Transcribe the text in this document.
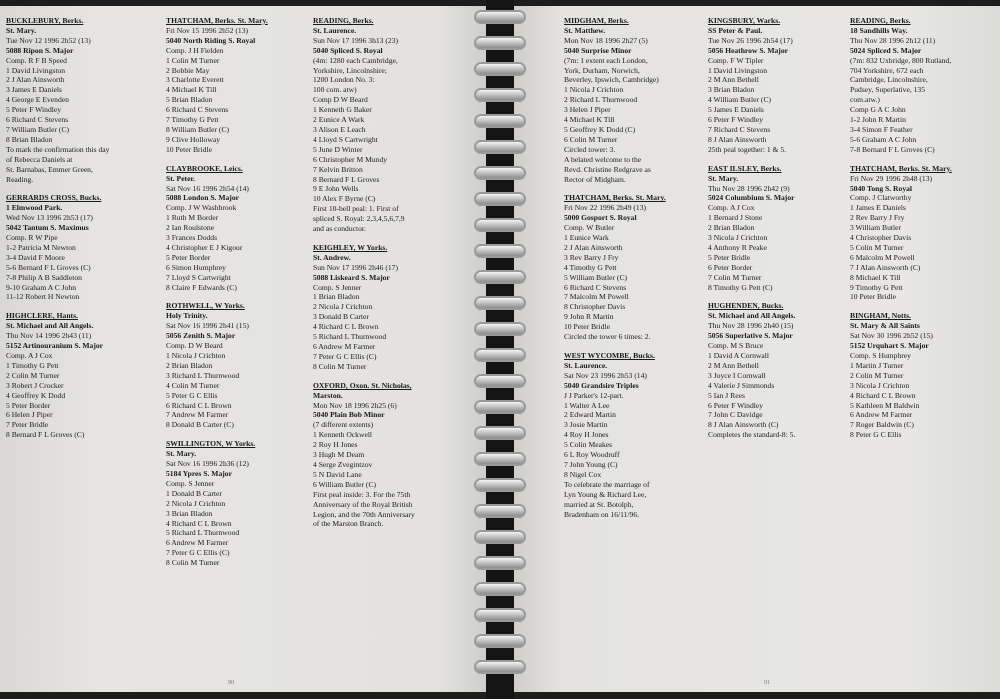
BUCKLEBURY, Berks.
St. Mary.
Tue Nov 12 1996 2h52 (13)
5088 Ripon S. Major
Comp. R F B Speed
1 David Livingston
2 J Alan Ainsworth
3 James E Daniels
4 George E Evenden
5 Peter F Windley
6 Richard C Stevens
7 William Butler (C)
8 Brian Bladon
To mark the confirmation this day
of Rebecca Daniels at
St. Barnabas, Emmer Green,
Reading.
GERRARDS CROSS, Bucks.
1 Elmwood Park.
Wed Nov 13 1996 2h53 (17)
5042 Tantum S. Maximus
Comp. R W Pipe
1-2 Patricia M Newton
3-4 David F Moore
5-6 Bernard F L Groves (C)
7-8 Philip A B Saddleton
9-10 Graham A C John
11-12 Robert H Newton
HIGHCLERE, Hants.
St. Michael and All Angels.
Thu Nov 14 1996 2h43 (11)
5152 Artinouranium S. Major
Comp. A J Cox
1 Timothy G Pett
2 Colin M Turner
3 Robert J Crocker
4 Geoffrey K Dodd
5 Peter Border
6 Helen J Piper
7 Peter Bridle
8 Bernard F L Groves (C)
THATCHAM, Berks. St. Mary.
Fri Nov 15 1996 2h52 (13)
5040 North Riding S. Royal
Comp. J H Fielden
1 Colin M Turner
2 Bobbie May
3 Charlotte Everett
4 Michael K Till
5 Brian Bladon
6 Richard C Stevens
7 Timothy G Pett
8 William Butler (C)
9 Clive Holloway
10 Peter Bridle
CLAYBROOKE, Leics.
St. Peter.
Sat Nov 16 1996 2h54 (14)
5088 London S. Major
Comp. J W Washbrook
1 Ruth M Border
2 Ian Roulstone
3 Frances Dodds
4 Christopher E J Kigour
5 Peter Border
6 Simon Humphrey
7 Lloyd S Cartwright
8 Claire F Edwards (C)
ROTHWELL, W Yorks.
Holy Trinity.
Sat Nov 16 1996 2h41 (15)
5056 Zenith S. Major
Comp. D W Beard
1 Nicola J Crichton
2 Brian Bladon
3 Richard L Thurnwood
4 Colin M Turner
5 Peter G C Ellis
6 Richard C L Brown
7 Andrew M Farmer
8 Donald B Carter (C)
SWILLINGTON, W Yorks.
St. Mary.
Sat Nov 16 1996 2h36 (12)
5184 Ypres S. Major
Comp. S Jenner
1 Donald B Carter
2 Nicola J Crichton
3 Brian Bladon
4 Richard C L Brown
5 Richard L Thurnwood
6 Andrew M Farmer
7 Peter G C Ellis (C)
8 Colin M Turner
READING, Berks.
St. Laurence.
Sun Nov 17 1996 3h13 (23)
5040 Spliced S. Royal
(4m: 1280 each Cambridge,
Yorkshire, Lincolnshire;
1200 London No. 3:
100 com. atw)
Comp D W Beard
1 Kenneth G Baker
2 Eunice A Wark
3 Alison E Leach
4 Lloyd S Cartwright
5 June D Winter
6 Christopher M Mundy
7 Kelvin Britton
8 Bernard F L Groves
9 E John Wells
10 Alex F Byrne (C)
First 10-bell peal: 1. First of
spliced S. Royal: 2,3,4,5,6,7,9
and as conductor.
KEIGHLEY, W Yorks.
St. Andrew.
Sun Nov 17 1996 2h46 (17)
5088 Liskeard S. Major
Comp. S Jenner
1 Brian Bladon
2 Nicola J Crichton
3 Donald B Carter
4 Richard C L Brown
5 Richard L Thurnwood
6 Andrew M Farmer
7 Peter G C Ellis (C)
8 Colin M Turner
OXFORD, Oxon. St. Nicholas,
Marston.
Mon Nov 18 1996 2h25 (6)
5040 Plain Bob Minor
(7 different extents)
1 Kenneth Ockwell
2 Roy H Jones
3 Hugh M Deam
4 Serge Zvegintzov
5 N David Lane
6 William Butler (C)
First peal inside: 3. For the 75th
Anniversary of the Royal British
Legion, and the 70th Anniversary
of the Marston Branch.
90
MIDGHAM, Berks.
St. Matthew.
Mon Nov 18 1996 2h27 (5)
5040 Surprise Minor
(7m: 1 extent each London,
York, Durham, Norwich,
Beverley, Ipswich, Cambridge)
1 Nicola J Crichton
2 Richard L Thurnwood
3 Helen J Piper
4 Michael K Till
5 Geoffrey K Dodd (C)
6 Colin M Turner
Circled tower: 3.
A belated welcome to the
Revd. Christine Redgrave as
Rector of Midgham.
THATCHAM, Berks. St. Mary.
Fri Nov 22 1996 2h49 (13)
5000 Gosport S. Royal
Comp. W Butler
1 Eunice Wark
2 J Alan Ainsworth
3 Rev Barry J Fry
4 Timothy G Pett
5 William Butler (C)
6 Richard C Stevens
7 Malcolm M Powell
8 Christopher Davis
9 John R Martin
10 Peter Bridle
Circled the tower 6 times: 2.
WEST WYCOMBE, Bucks.
St. Laurence.
Sat Nov 23 1996 2h53 (14)
5040 Grandsire Triples
J J Parker's 12-part.
1 Walter A Lee
2 Edward Martin
3 Josie Martin
4 Roy H Jones
5 Colin Meakes
6 L Roy Woodruff
7 John Young (C)
8 Nigel Cox
To celebrate the marriage of
Lyn Young & Richard Lee,
married at St. Botolph,
Bradenham on 16/11/96.
KINGSBURY, Warks.
SS Peter & Paul.
Tue Nov 26 1996 2h54 (17)
5056 Heathrow S. Major
Comp. F W Tipler
1 David Livingston
2 M Ann Bethell
3 Brian Bladon
4 William Butler (C)
5 James E Daniels
6 Peter F Windley
7 Richard C Stevens
8 J Alan Ainsworth
25th peal together: 1 & 5.
EAST ILSLEY, Berks.
St. Mary.
Thu Nov 28 1996 2h42 (9)
5024 Columbium S. Major
Comp. A J Cox
1 Bernard J Stone
2 Brian Bladon
3 Nicola J Crichton
4 Anthony R Peake
5 Peter Bridle
6 Peter Border
7 Colin M Turner
8 Timothy G Pett (C)
HUGHENDEN, Bucks.
St. Michael and All Angels.
Thu Nov 28 1996 2h40 (15)
5056 Superlative S. Major
Comp. M S Bruce
1 David A Cornwall
2 M Ann Bethell
3 Joyce I Cornwall
4 Valerie J Simmonds
5 Ian J Rees
6 Peter F Windley
7 John C Davidge
8 J Alan Ainsworth (C)
Completes the standard-8: 5.
READING, Berks.
18 Sandhills Way.
Thu Nov 28 1996 2h12 (11)
5024 Spliced S. Major
(7m: 832 Uxbridge, 800 Rutland,
704 Yorkshire, 672 each
Cambridge, Lincolnshire,
Pudsey, Superlative, 135
com.atw.)
Comp G A C John
1-2 John R Martin
3-4 Simon F Feather
5-6 Graham A C John
7-8 Bernard F L Groves (C)
THATCHAM, Berks. St. Mary.
Fri Nov 29 1996 2h48 (13)
5040 Tong S. Royal
Comp. J Clatworthy
1 James E Daniels
2 Rev Barry J Fry
3 William Butler
4 Christopher Davis
5 Colin M Turner
6 Malcolm M Powell
7 J Alan Ainsworth (C)
8 Michael K Till
9 Timothy G Pett
10 Peter Bridle
BINGHAM, Notts.
St. Mary & All Saints
Sat Nov 30 1996 2h52 (15)
5152 Urquhart S. Major
Comp. S Humphrey
1 Martin J Turner
2 Colin M Turner
3 Nicola J Crichton
4 Richard C L Brown
5 Kathleen M Baldwin
6 Andrew M Farmer
7 Roger Baldwin (C)
8 Peter G C Ellis
91
